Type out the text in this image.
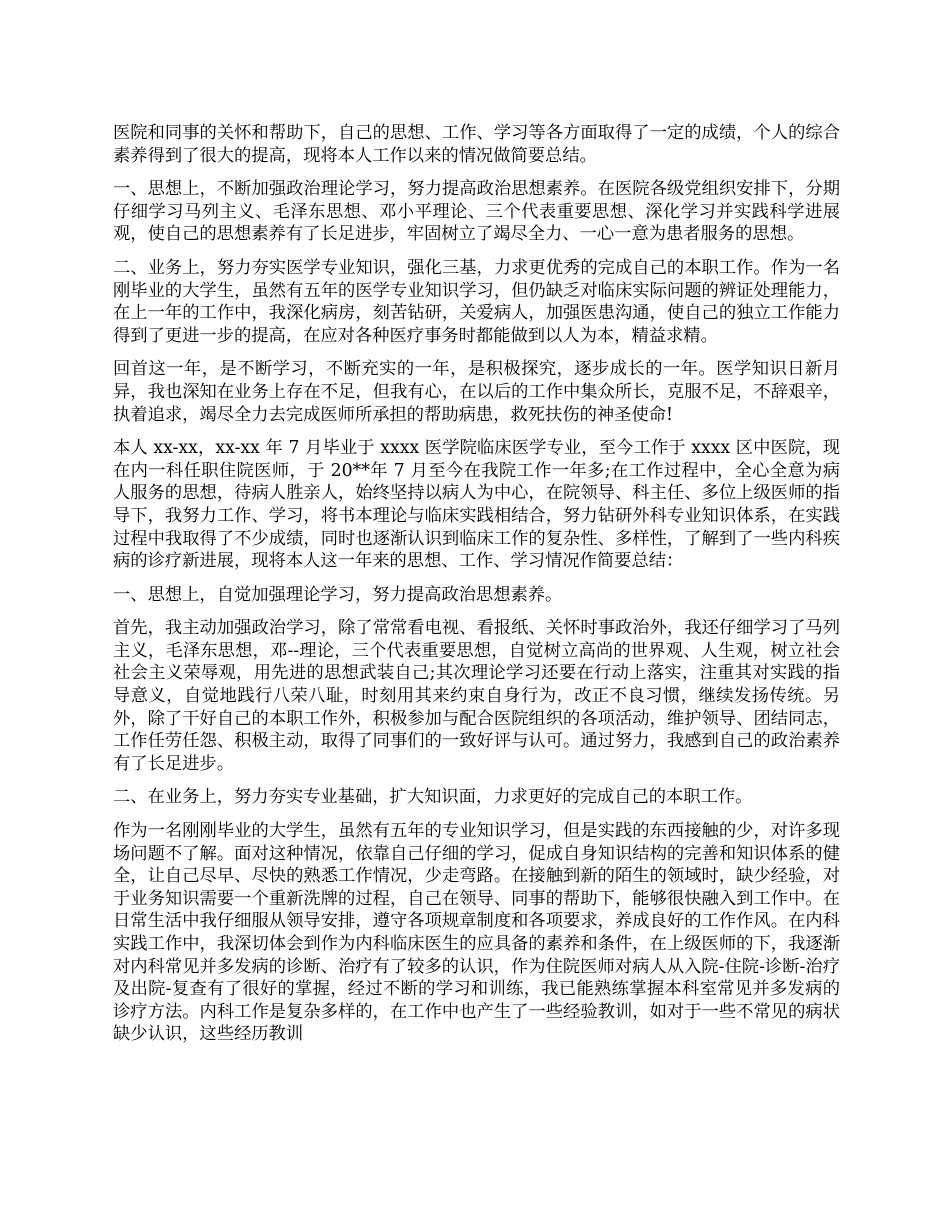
医院和同事的关怀和帮助下，自己的思想、工作、学习等各方面取得了一定的成绩，个人的综合素养得到了很大的提高，现将本人工作以来的情况做简要总结。

一、思想上，不断加强政治理论学习，努力提高政治思想素养。在医院各级党组织安排下，分期仔细学习马列主义、毛泽东思想、邓小平理论、三个代表重要思想、深化学习并实践科学进展观，使自己的思想素养有了长足进步，牢固树立了竭尽全力、一心一意为患者服务的思想。

二、业务上，努力夯实医学专业知识，强化三基，力求更优秀的完成自己的本职工作。作为一名刚毕业的大学生，虽然有五年的医学专业知识学习，但仍缺乏对临床实际问题的辨证处理能力，在上一年的工作中，我深化病房，刻苦钻研，关爱病人，加强医患沟通，使自己的独立工作能力得到了更进一步的提高，在应对各种医疗事务时都能做到以人为本，精益求精。

回首这一年，是不断学习，不断充实的一年，是积极探究，逐步成长的一年。医学知识日新月异，我也深知在业务上存在不足，但我有心，在以后的工作中集众所长，克服不足，不辞艰辛，执着追求，竭尽全力去完成医师所承担的帮助病患，救死扶伤的神圣使命!

本人 xx-xx，xx-xx 年 7 月毕业于 xxxx 医学院临床医学专业，至今工作于 xxxx 区中医院，现在内一科任职住院医师，于 20**年 7 月至今在我院工作一年多;在工作过程中，全心全意为病人服务的思想，待病人胜亲人，始终坚持以病人为中心，在院领导、科主任、多位上级医师的指导下，我努力工作、学习，将书本理论与临床实践相结合，努力钻研外科专业知识体系，在实践过程中我取得了不少成绩，同时也逐渐认识到临床工作的复杂性、多样性，了解到了一些内科疾病的诊疗新进展，现将本人这一年来的思想、工作、学习情况作简要总结：

一、思想上，自觉加强理论学习，努力提高政治思想素养。

首先，我主动加强政治学习，除了常常看电视、看报纸、关怀时事政治外，我还仔细学习了马列主义，毛泽东思想，邓--理论，三个代表重要思想，自觉树立高尚的世界观、人生观，树立社会社会主义荣辱观，用先进的思想武装自己;其次理论学习还要在行动上落实，注重其对实践的指导意义，自觉地践行八荣八耻，时刻用其来约束自身行为，改正不良习惯，继续发扬传统。另外，除了干好自己的本职工作外，积极参加与配合医院组织的各项活动，维护领导、团结同志，工作任劳任怨、积极主动，取得了同事们的一致好评与认可。通过努力，我感到自己的政治素养有了长足进步。

二、在业务上，努力夯实专业基础，扩大知识面，力求更好的完成自己的本职工作。

作为一名刚刚毕业的大学生，虽然有五年的专业知识学习，但是实践的东西接触的少，对许多现场问题不了解。面对这种情况，依靠自己仔细的学习，促成自身知识结构的完善和知识体系的健全，让自己尽早、尽快的熟悉工作情况，少走弯路。在接触到新的陌生的领域时，缺少经验，对于业务知识需要一个重新洗牌的过程，自己在领导、同事的帮助下，能够很快融入到工作中。在日常生活中我仔细服从领导安排，遵守各项规章制度和各项要求，养成良好的工作作风。在内科实践工作中，我深切体会到作为内科临床医生的应具备的素养和条件，在上级医师的下，我逐渐对内科常见并多发病的诊断、治疗有了较多的认识，作为住院医师对病人从入院-住院-诊断-治疗及出院-复查有了很好的掌握，经过不断的学习和训练，我已能熟练掌握本科室常见并多发病的诊疗方法。内科工作是复杂多样的，在工作中也产生了一些经验教训，如对于一些不常见的病状缺少认识，这些经历教训
